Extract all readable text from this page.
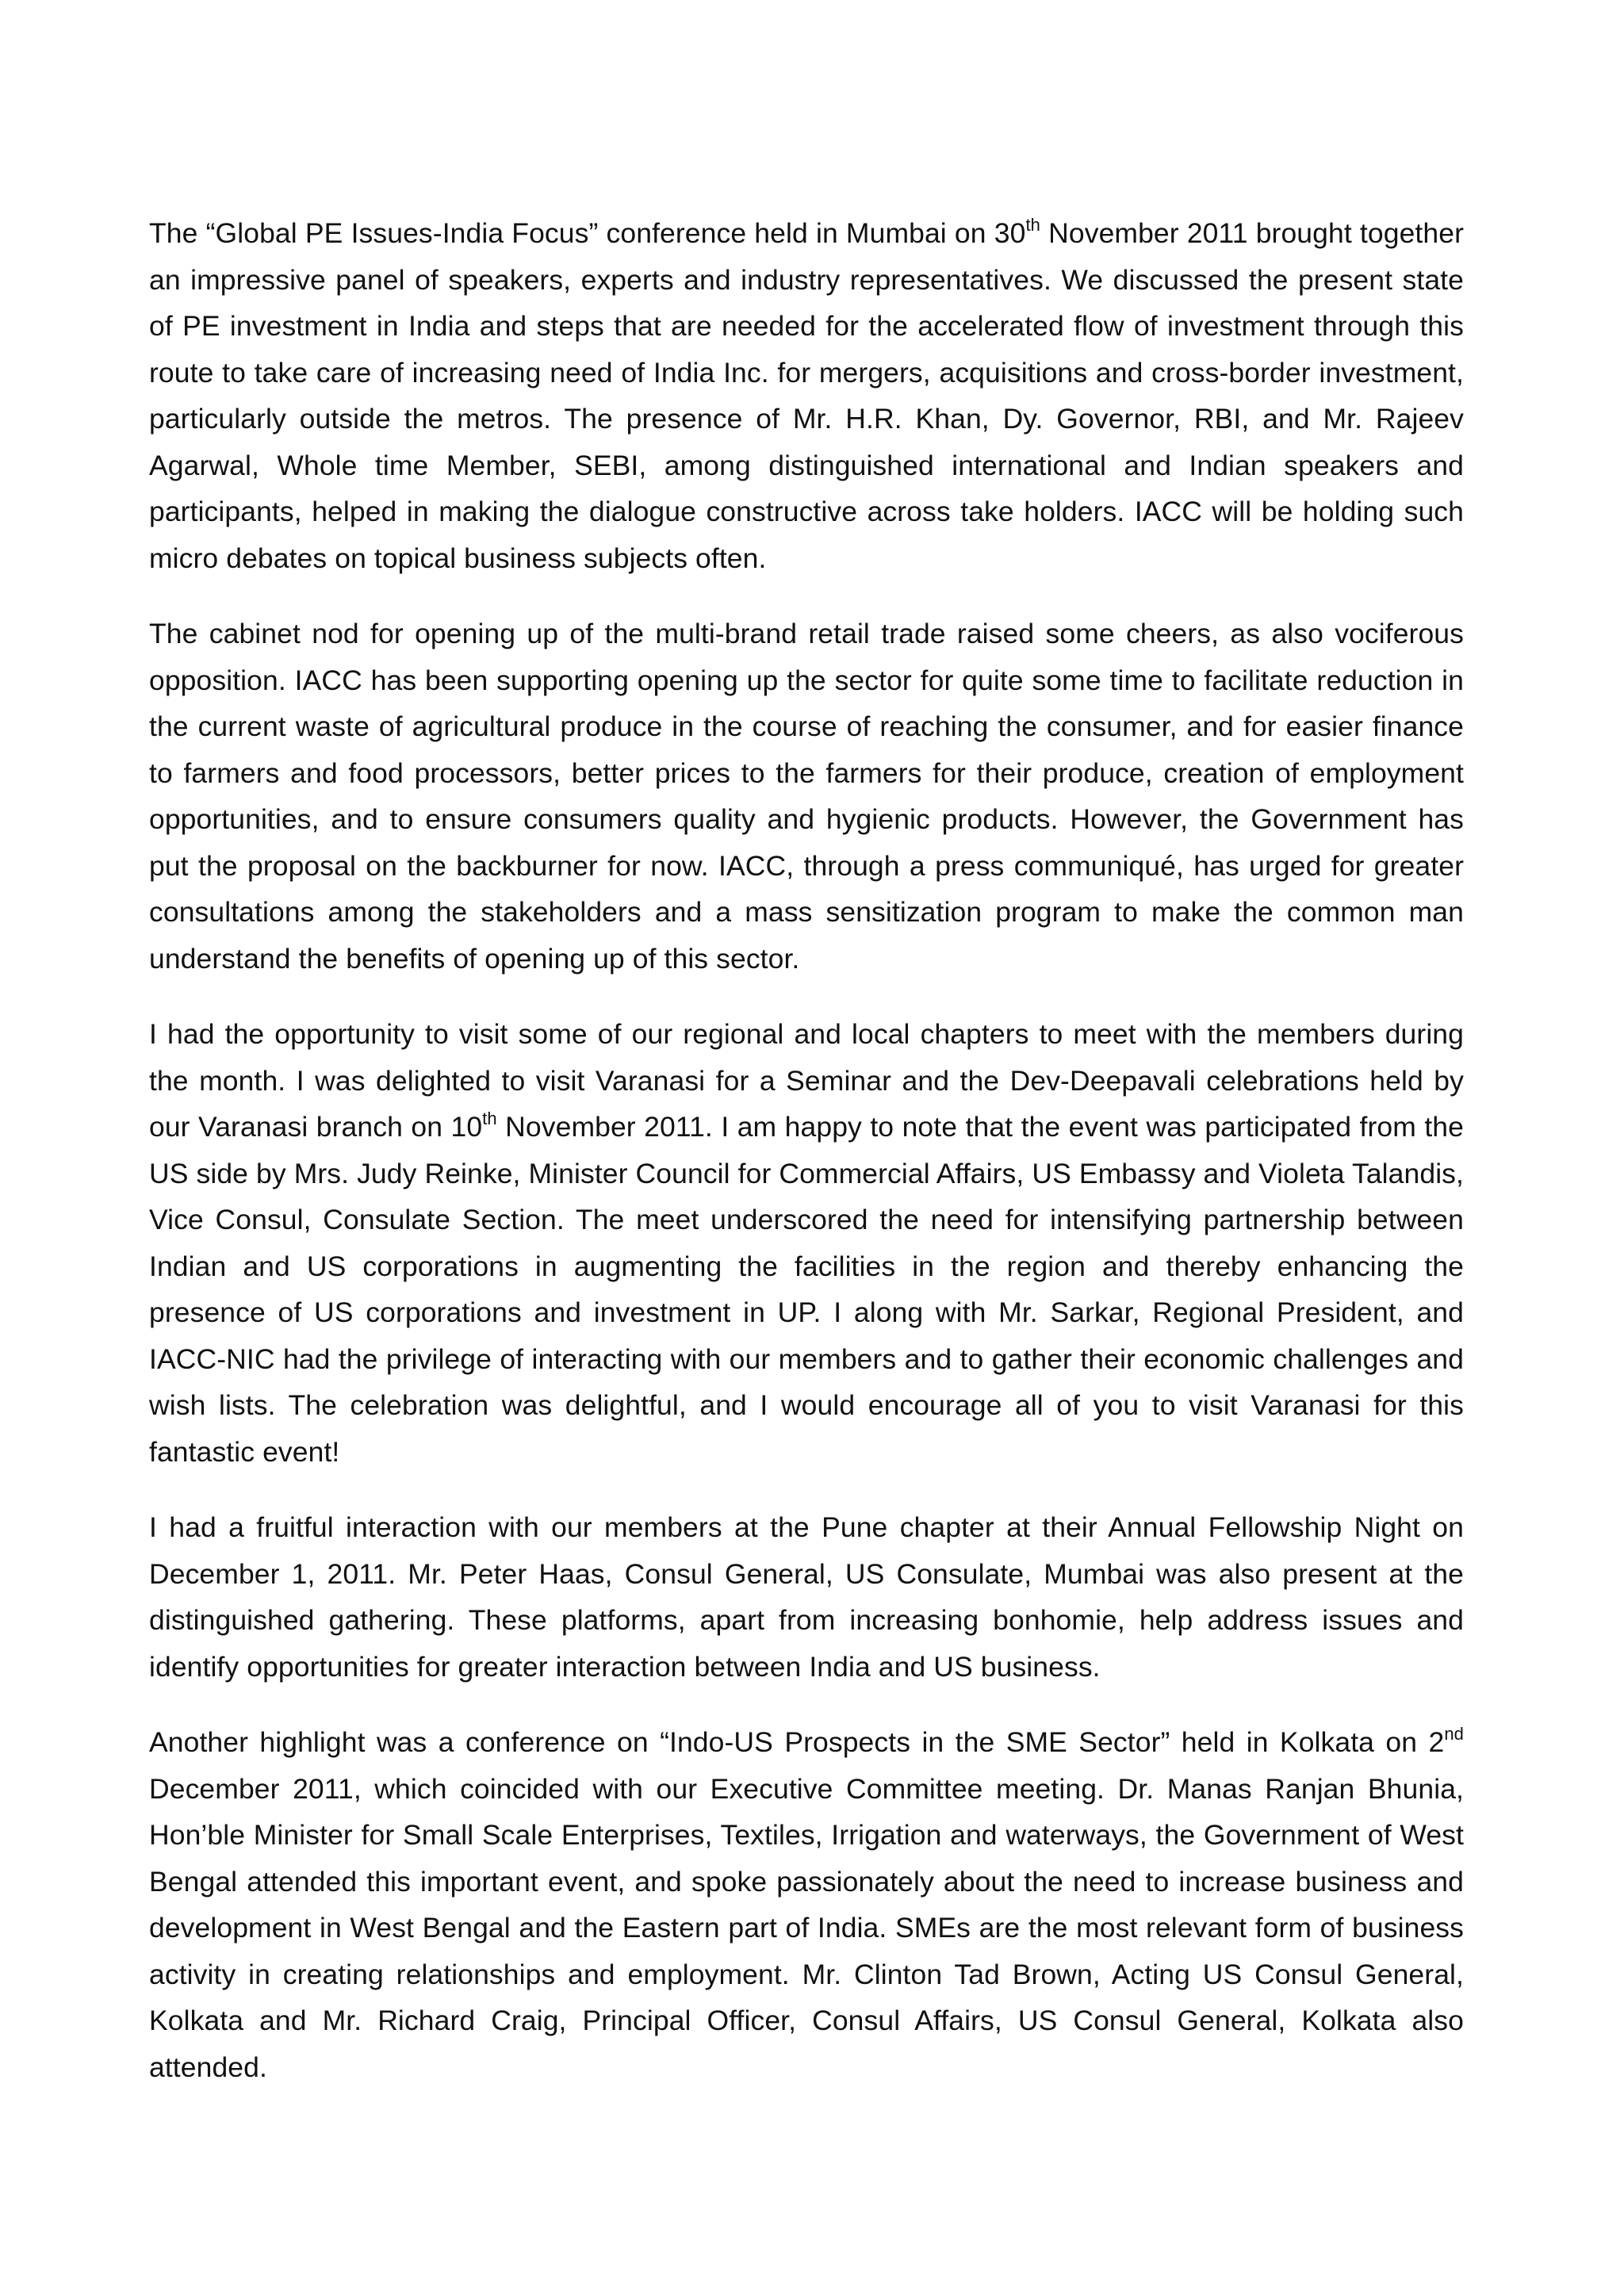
The “Global PE Issues-India Focus” conference held in Mumbai on 30th November 2011 brought together an impressive panel of speakers, experts and industry representatives. We discussed the present state of PE investment in India and steps that are needed for the accelerated flow of investment through this route to take care of increasing need of India Inc. for mergers, acquisitions and cross-border investment, particularly outside the metros. The presence of Mr. H.R. Khan, Dy. Governor, RBI, and Mr. Rajeev Agarwal, Whole time Member, SEBI, among distinguished international and Indian speakers and participants, helped in making the dialogue constructive across take holders. IACC will be holding such micro debates on topical business subjects often.

The cabinet nod for opening up of the multi-brand retail trade raised some cheers, as also vociferous opposition. IACC has been supporting opening up the sector for quite some time to facilitate reduction in the current waste of agricultural produce in the course of reaching the consumer, and for easier finance to farmers and food processors, better prices to the farmers for their produce, creation of employment opportunities, and to ensure consumers quality and hygienic products. However, the Government has put the proposal on the backburner for now. IACC, through a press communiqué, has urged for greater consultations among the stakeholders and a mass sensitization program to make the common man understand the benefits of opening up of this sector.

I had the opportunity to visit some of our regional and local chapters to meet with the members during the month. I was delighted to visit Varanasi for a Seminar and the Dev-Deepavali celebrations held by our Varanasi branch on 10th November 2011. I am happy to note that the event was participated from the US side by Mrs. Judy Reinke, Minister Council for Commercial Affairs, US Embassy and Violeta Talandis, Vice Consul, Consulate Section. The meet underscored the need for intensifying partnership between Indian and US corporations in augmenting the facilities in the region and thereby enhancing the presence of US corporations and investment in UP. I along with Mr. Sarkar, Regional President, and IACC-NIC had the privilege of interacting with our members and to gather their economic challenges and wish lists. The celebration was delightful, and I would encourage all of you to visit Varanasi for this fantastic event!

I had a fruitful interaction with our members at the Pune chapter at their Annual Fellowship Night on December 1, 2011. Mr. Peter Haas, Consul General, US Consulate, Mumbai was also present at the distinguished gathering. These platforms, apart from increasing bonhomie, help address issues and identify opportunities for greater interaction between India and US business.

Another highlight was a conference on “Indo-US Prospects in the SME Sector” held in Kolkata on 2nd December 2011, which coincided with our Executive Committee meeting. Dr. Manas Ranjan Bhunia, Hon’ble Minister for Small Scale Enterprises, Textiles, Irrigation and waterways, the Government of West Bengal attended this important event, and spoke passionately about the need to increase business and development in West Bengal and the Eastern part of India. SMEs are the most relevant form of business activity in creating relationships and employment. Mr. Clinton Tad Brown, Acting US Consul General, Kolkata and Mr. Richard Craig, Principal Officer, Consul Affairs, US Consul General, Kolkata also attended.
